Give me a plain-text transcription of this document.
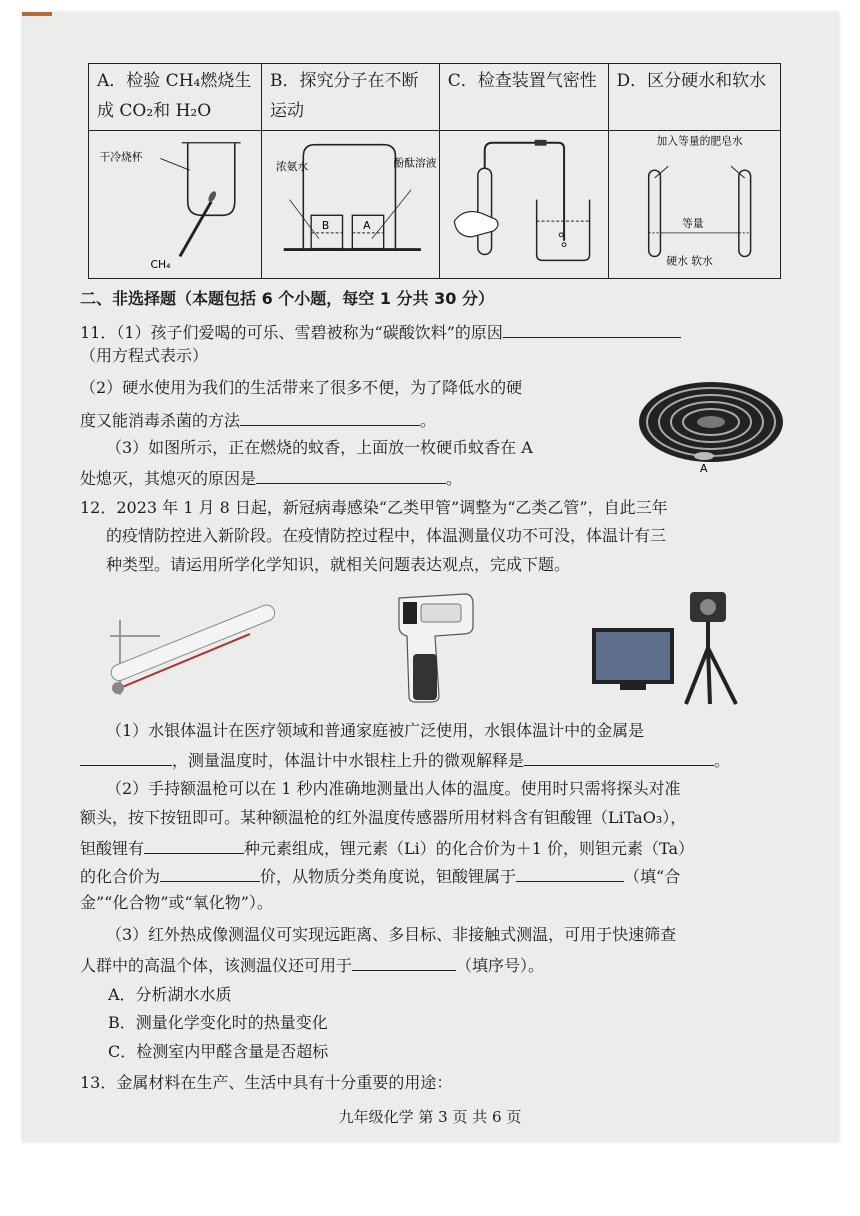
A．检验 CH₄燃烧生成 CO₂和 H₂O	B．探究分子在不断运动	C．检查装置气密性	D．区分硬水和软水

干冷烧杯
CH₄	浓氨水 酚酞溶液
B A		加入等量的肥皂水
等量
硬水 软水
二、非选择题（本题包括 6 个小题，每空 1 分共 30 分）
11．（1）孩子们爱喝的可乐、雪碧被称为“碳酸饮料”的原因
（用方程式表示）
（2）硬水使用为我们的生活带来了很多不便，为了降低水的硬
度又能消毒杀菌的方法	。
（3）如图所示，正在燃烧的蚊香，上面放一枚硬币蚊香在 A
处熄灭，其熄灭的原因是	。
A
12．2023 年 1 月 8 日起，新冠病毒感染“乙类甲管”调整为“乙类乙管”，自此三年
的疫情防控进入新阶段。在疫情防控过程中，体温测量仪功不可没，体温计有三
种类型。请运用所学化学知识，就相关问题表达观点，完成下题。
（1）水银体温计在医疗领域和普通家庭被广泛使用，水银体温计中的金属是
，测量温度时，体温计中水银柱上升的微观解释是	。
（2）手持额温枪可以在 1 秒内准确地测量出人体的温度。使用时只需将探头对准
额头，按下按钮即可。某种额温枪的红外温度传感器所用材料含有钽酸锂（LiTaO₃），
钽酸锂有	种元素组成，锂元素（Li）的化合价为＋1 价，则钽元素（Ta）
的化合价为	价，从物质分类角度说，钽酸锂属于	（填“合
金”“化合物”或“氧化物”）。
（3）红外热成像测温仪可实现远距离、多目标、非接触式测温，可用于快速筛查
人群中的高温个体，该测温仪还可用于	（填序号）。
A．分析湖水水质
B．测量化学变化时的热量变化
C．检测室内甲醛含量是否超标
13．金属材料在生产、生活中具有十分重要的用途：
九年级化学 第 3 页 共 6 页
